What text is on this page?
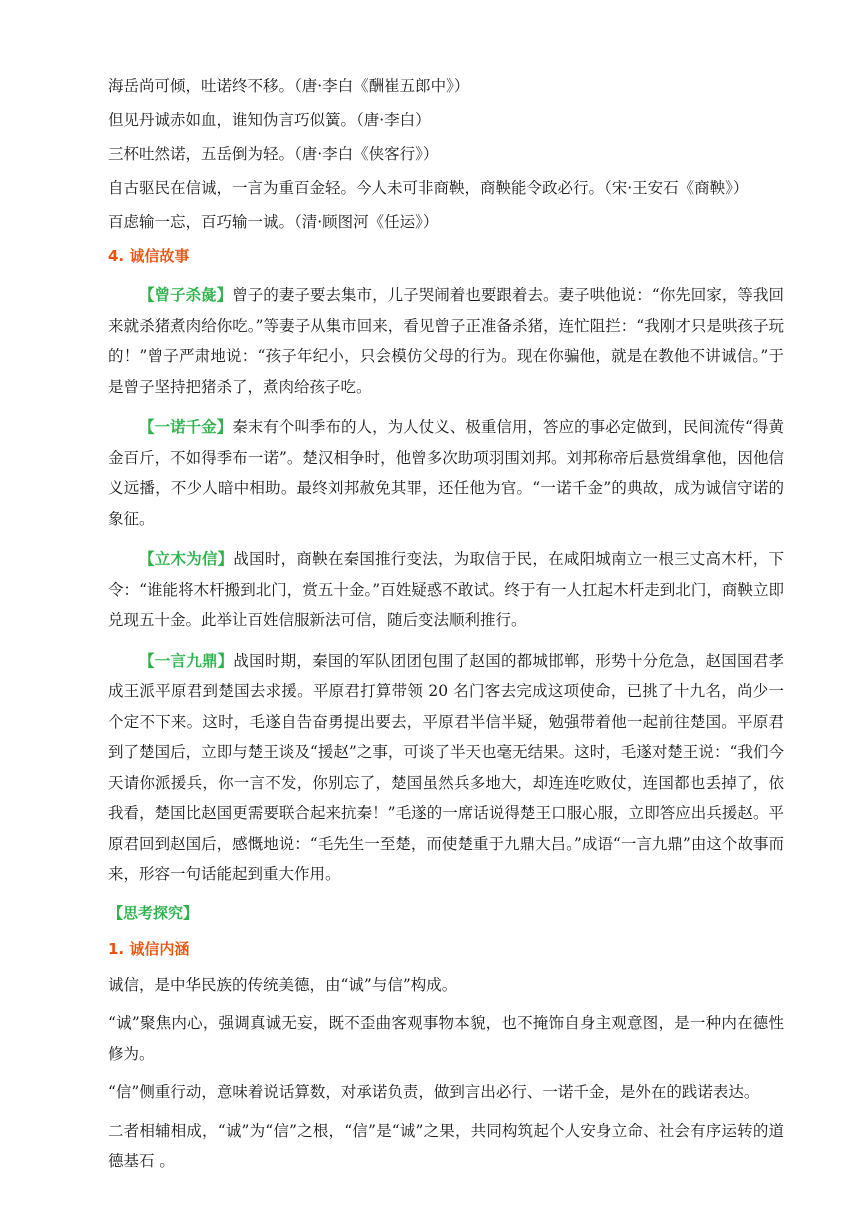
海岳尚可倾，吐诺终不移。（唐·李白《酬崔五郎中》）

但见丹诚赤如血，谁知伪言巧似簧。（唐·李白）

三杯吐然诺，五岳倒为轻。（唐·李白《侠客行》）

自古驱民在信诚，一言为重百金轻。今人未可非商鞅，商鞅能令政必行。（宋·王安石《商鞅》）

百虑输一忘，百巧输一诚。（清·顾图河《任运》）

4. 诚信故事

【曾子杀彘】曾子的妻子要去集市，儿子哭闹着也要跟着去。妻子哄他说：“你先回家，等我回来就杀猪煮肉给你吃。”等妻子从集市回来，看见曾子正准备杀猪，连忙阻拦：“我刚才只是哄孩子玩的！”曾子严肃地说：“孩子年纪小，只会模仿父母的行为。现在你骗他，就是在教他不讲诚信。”于是曾子坚持把猪杀了，煮肉给孩子吃。

【一诺千金】秦末有个叫季布的人，为人仗义、极重信用，答应的事必定做到，民间流传“得黄金百斤，不如得季布一诺”。楚汉相争时，他曾多次助项羽围刘邦。刘邦称帝后悬赏缉拿他，因他信义远播，不少人暗中相助。最终刘邦赦免其罪，还任他为官。“一诺千金”的典故，成为诚信守诺的象征。

【立木为信】战国时，商鞅在秦国推行变法，为取信于民，在咸阳城南立一根三丈高木杆，下令：“谁能将木杆搬到北门，赏五十金。”百姓疑惑不敢试。终于有一人扛起木杆走到北门，商鞅立即兑现五十金。此举让百姓信服新法可信，随后变法顺利推行。

【一言九鼎】战国时期，秦国的军队团团包围了赵国的都城邯郸，形势十分危急，赵国国君孝成王派平原君到楚国去求援。平原君打算带领 20 名门客去完成这项使命，已挑了十九名，尚少一个定不下来。这时，毛遂自告奋勇提出要去，平原君半信半疑，勉强带着他一起前往楚国。平原君到了楚国后，立即与楚王谈及“援赵”之事，可谈了半天也毫无结果。这时，毛遂对楚王说：“我们今天请你派援兵，你一言不发，你别忘了，楚国虽然兵多地大，却连连吃败仗，连国都也丢掉了，依我看，楚国比赵国更需要联合起来抗秦！”毛遂的一席话说得楚王口服心服，立即答应出兵援赵。平原君回到赵国后，感慨地说：“毛先生一至楚，而使楚重于九鼎大吕。”成语“一言九鼎”由这个故事而来，形容一句话能起到重大作用。

【思考探究】
1. 诚信内涵

诚信，是中华民族的传统美德，由“诚”与信”构成。

“诚”聚焦内心，强调真诚无妄，既不歪曲客观事物本貌，也不掩饰自身主观意图，是一种内在德性修为。

“信”侧重行动，意味着说话算数，对承诺负责，做到言出必行、一诺千金，是外在的践诺表达。

二者相辅相成，“诚”为“信”之根，“信”是“诚”之果，共同构筑起个人安身立命、社会有序运转的道德基石 。
